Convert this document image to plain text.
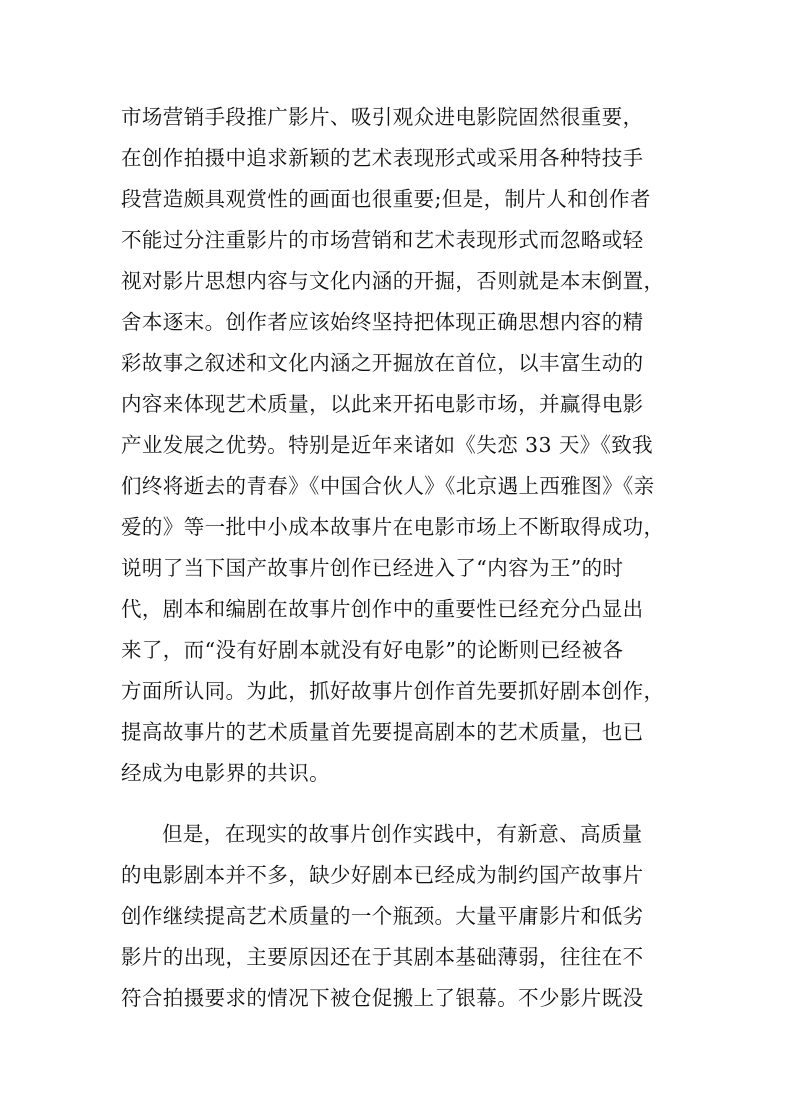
市场营销手段推广影片、吸引观众进电影院固然很重要，
在创作拍摄中追求新颖的艺术表现形式或采用各种特技手
段营造颇具观赏性的画面也很重要;但是，制片人和创作者
不能过分注重影片的市场营销和艺术表现形式而忽略或轻
视对影片思想内容与文化内涵的开掘，否则就是本末倒置，
舍本逐末。创作者应该始终坚持把体现正确思想内容的精
彩故事之叙述和文化内涵之开掘放在首位，以丰富生动的
内容来体现艺术质量，以此来开拓电影市场，并赢得电影
产业发展之优势。特别是近年来诸如《失恋 33 天》《致我
们终将逝去的青春》《中国合伙人》《北京遇上西雅图》《亲
爱的》等一批中小成本故事片在电影市场上不断取得成功，
说明了当下国产故事片创作已经进入了“内容为王”的时
代，剧本和编剧在故事片创作中的重要性已经充分凸显出
来了，而“没有好剧本就没有好电影”的论断则已经被各
方面所认同。为此，抓好故事片创作首先要抓好剧本创作，
提高故事片的艺术质量首先要提高剧本的艺术质量，也已
经成为电影界的共识。
但是，在现实的故事片创作实践中，有新意、高质量
的电影剧本并不多，缺少好剧本已经成为制约国产故事片
创作继续提高艺术质量的一个瓶颈。大量平庸影片和低劣
影片的出现，主要原因还在于其剧本基础薄弱，往往在不
符合拍摄要求的情况下被仓促搬上了银幕。不少影片既没
